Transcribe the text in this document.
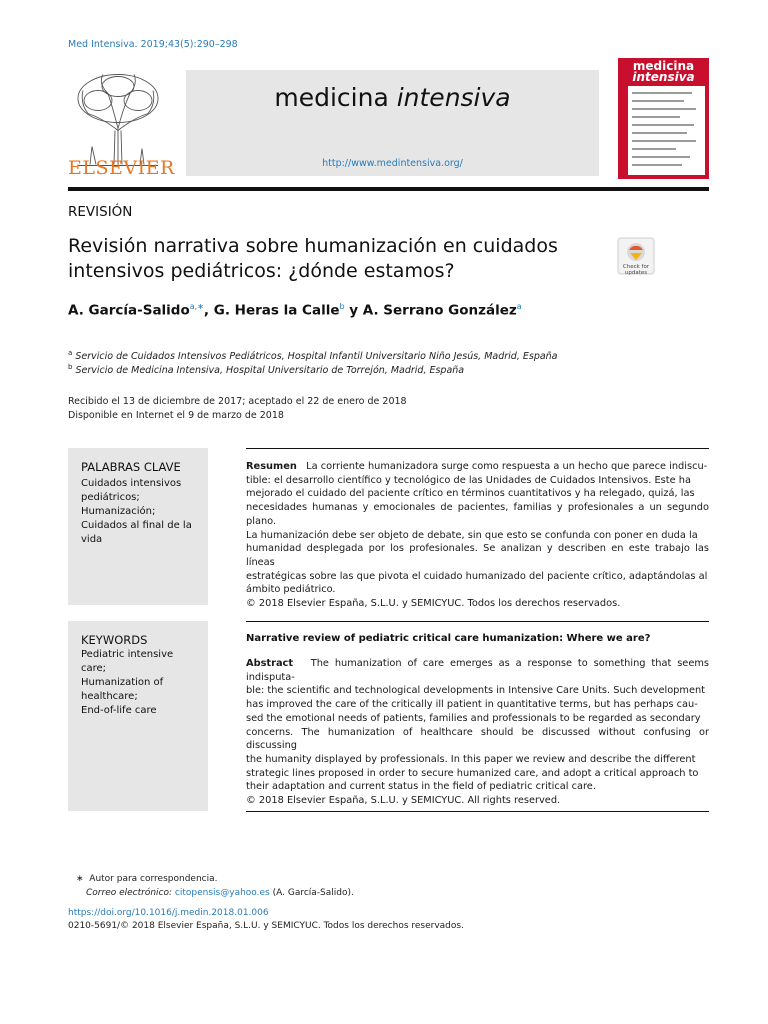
Med Intensiva. 2019;43(5):290–298
ELSEVIER
medicina intensiva
http://www.medintensiva.org/
medicina
intensiva
REVISIÓN
Revisión narrativa sobre humanización en cuidados
intensivos pediátricos: ¿dónde estamos?	Check for updates
A. García-Salido$^{a,∗}$, G. Heras la Calle$^b$ y A. Serrano González$^a$
$^a$ Servicio de Cuidados Intensivos Pediátricos, Hospital Infantil Universitario Niño Jesús, Madrid, España
$^b$ Servicio de Medicina Intensiva, Hospital Universitario de Torrejón, Madrid, España
Recibido el 13 de diciembre de 2017; aceptado el 22 de enero de 2018
Disponible en Internet el 9 de marzo de 2018
PALABRAS CLAVE
Cuidados intensivos
pediátricos;
Humanización;
Cuidados al final de la
vida
Resumen La corriente humanizadora surge como respuesta a un hecho que parece indiscu-
tible: el desarrollo científico y tecnológico de las Unidades de Cuidados Intensivos. Este ha
mejorado el cuidado del paciente crítico en términos cuantitativos y ha relegado, quizá, las
necesidades humanas y emocionales de pacientes, familias y profesionales a un segundo plano.
La humanización debe ser objeto de debate, sin que esto se confunda con poner en duda la
humanidad desplegada por los profesionales. Se analizan y describen en este trabajo las líneas
estratégicas sobre las que pivota el cuidado humanizado del paciente crítico, adaptándolas al
ámbito pediátrico.
© 2018 Elsevier España, S.L.U. y SEMICYUC. Todos los derechos reservados.
KEYWORDS
Pediatric intensive
care;
Humanization of
healthcare;
End-of-life care
Narrative review of pediatric critical care humanization: Where we are?
Abstract The humanization of care emerges as a response to something that seems indisputa-
ble: the scientific and technological developments in Intensive Care Units. Such development
has improved the care of the critically ill patient in quantitative terms, but has perhaps cau-
sed the emotional needs of patients, families and professionals to be regarded as secondary
concerns. The humanization of healthcare should be discussed without confusing or discussing
the humanity displayed by professionals. In this paper we review and describe the different
strategic lines proposed in order to secure humanized care, and adopt a critical approach to
their adaptation and current status in the field of pediatric critical care.
© 2018 Elsevier España, S.L.U. y SEMICYUC. All rights reserved.
∗ Autor para correspondencia.
Correo electrónico: citopensis@yahoo.es (A. García-Salido).
https://doi.org/10.1016/j.medin.2018.01.006
0210-5691/© 2018 Elsevier España, S.L.U. y SEMICYUC. Todos los derechos reservados.
